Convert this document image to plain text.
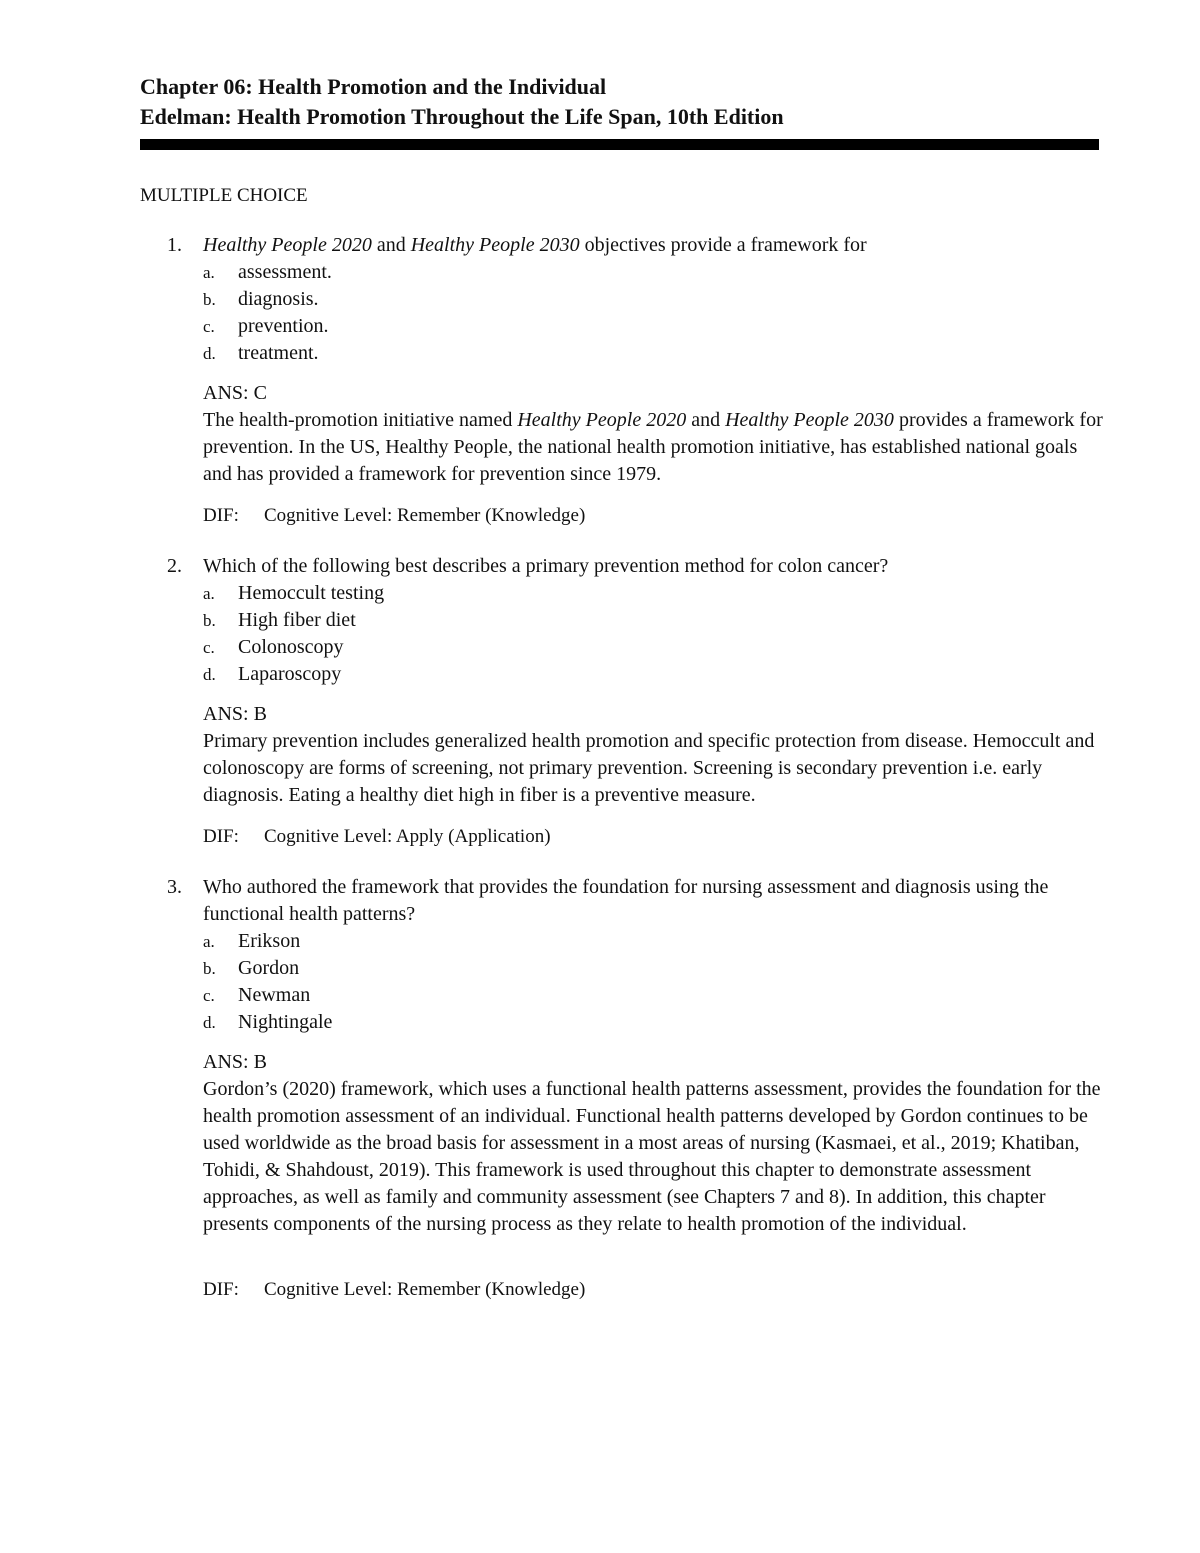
Chapter 06: Health Promotion and the Individual
Edelman: Health Promotion Throughout the Life Span, 10th Edition
MULTIPLE CHOICE
1. Healthy People 2020 and Healthy People 2030 objectives provide a framework for
a. assessment.
b. diagnosis.
c. prevention.
d. treatment.
ANS: C
The health-promotion initiative named Healthy People 2020 and Healthy People 2030 provides a framework for prevention. In the US, Healthy People, the national health promotion initiative, has established national goals and has provided a framework for prevention since 1979.
DIF: Cognitive Level: Remember (Knowledge)
2. Which of the following best describes a primary prevention method for colon cancer?
a. Hemoccult testing
b. High fiber diet
c. Colonoscopy
d. Laparoscopy
ANS: B
Primary prevention includes generalized health promotion and specific protection from disease. Hemoccult and colonoscopy are forms of screening, not primary prevention. Screening is secondary prevention i.e. early diagnosis. Eating a healthy diet high in fiber is a preventive measure.
DIF: Cognitive Level: Apply (Application)
3. Who authored the framework that provides the foundation for nursing assessment and diagnosis using the functional health patterns?
a. Erikson
b. Gordon
c. Newman
d. Nightingale
ANS: B
Gordon’s (2020) framework, which uses a functional health patterns assessment, provides the foundation for the health promotion assessment of an individual. Functional health patterns developed by Gordon continues to be used worldwide as the broad basis for assessment in a most areas of nursing (Kasmaei, et al., 2019; Khatiban, Tohidi, & Shahdoust, 2019). This framework is used throughout this chapter to demonstrate assessment approaches, as well as family and community assessment (see Chapters 7 and 8). In addition, this chapter presents components of the nursing process as they relate to health promotion of the individual.
DIF: Cognitive Level: Remember (Knowledge)
